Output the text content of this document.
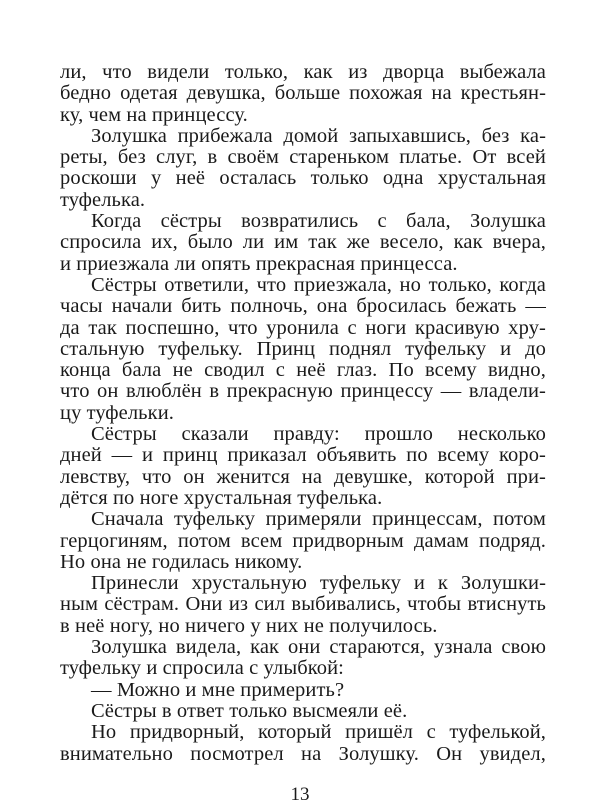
ли, что видели только, как из дворца выбежала
бедно одетая девушка, больше похожая на крестьян-
ку, чем на принцессу.
Золушка прибежала домой запыхавшись, без ка-
реты, без слуг, в своём стареньком платье. От всей
роскоши у неё осталась только одна хрустальная
туфелька.
Когда сёстры возвратились с бала, Золушка
спросила их, было ли им так же весело, как вчера,
и приезжала ли опять прекрасная принцесса.
Сёстры ответили, что приезжала, но только, когда
часы начали бить полночь, она бросилась бежать —
да так поспешно, что уронила с ноги красивую хру-
стальную туфельку. Принц поднял туфельку и до
конца бала не сводил с неё глаз. По всему видно,
что он влюблён в прекрасную принцессу — владели-
цу туфельки.
Сёстры сказали правду: прошло несколько
дней — и принц приказал объявить по всему коро-
левству, что он женится на девушке, которой при-
дётся по ноге хрустальная туфелька.
Сначала туфельку примеряли принцессам, потом
герцогиням, потом всем придворным дамам подряд.
Но она не годилась никому.
Принесли хрустальную туфельку и к Золушки-
ным сёстрам. Они из сил выбивались, чтобы втиснуть
в неё ногу, но ничего у них не получилось.
Золушка видела, как они стараются, узнала свою
туфельку и спросила с улыбкой:
— Можно и мне примерить?
Сёстры в ответ только высмеяли её.
Но придворный, который пришёл с туфелькой,
внимательно посмотрел на Золушку. Он увидел,
13
